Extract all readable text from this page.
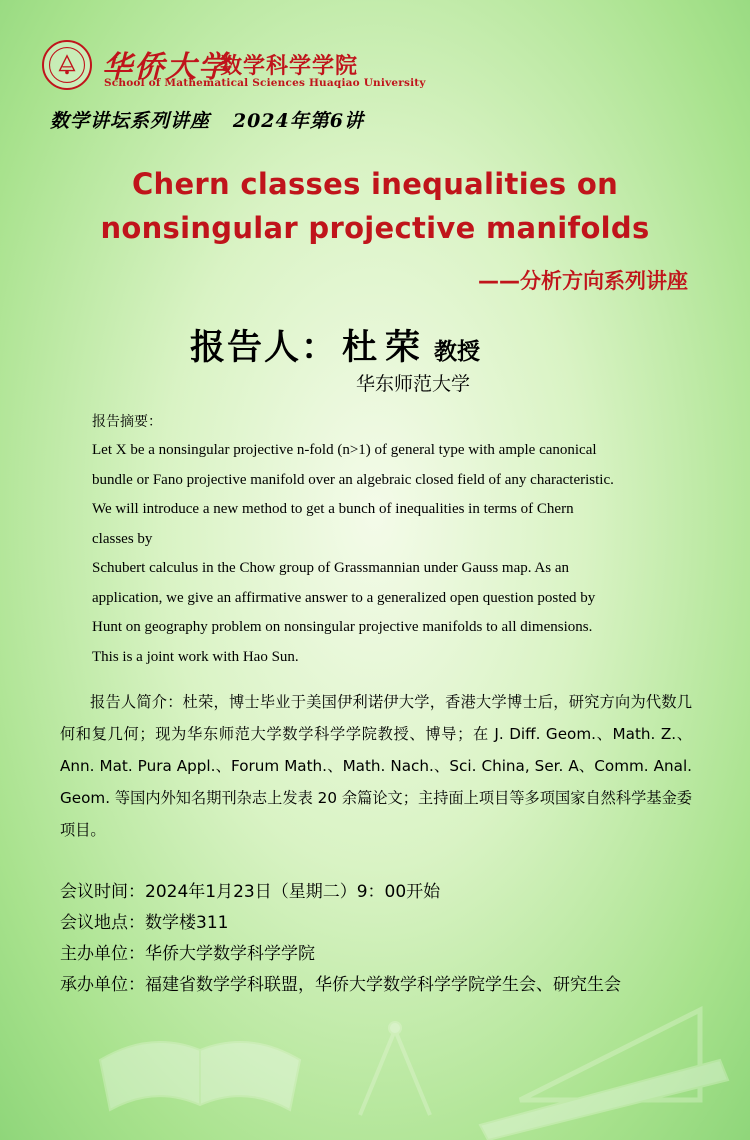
华侨大学
数学科学学院
School of Mathematical Sciences Huaqiao University
数学讲坛系列讲座   2024年第6讲
Chern classes inequalities on
nonsingular projective manifolds
——分析方向系列讲座
报告人： 杜荣 教授
华东师范大学
报告摘要：

Let X be a nonsingular projective n-fold (n>1) of general type with ample canonical

bundle or Fano projective manifold over an algebraic closed field of any characteristic.

We will introduce a new method to get a bunch of inequalities in terms of Chern

classes by

Schubert calculus in the Chow group of Grassmannian under Gauss map. As an

application, we give an affirmative answer to a generalized open question posted by

Hunt on geography problem on nonsingular projective manifolds to all dimensions.

This is a joint work with Hao Sun.

报告人简介：杜荣，博士毕业于美国伊利诺伊大学，香港大学博士后，研究方向为代数几何和复几何；现为华东师范大学数学科学学院教授、博导；在 J. Diff. Geom.、Math. Z.、Ann. Mat. Pura Appl.、Forum Math.、Math. Nach.、Sci. China, Ser. A、Comm. Anal. Geom. 等国内外知名期刊杂志上发表 20 余篇论文；主持面上项目等多项国家自然科学基金委项目。
会议时间：2024年1月23日（星期二）9：00开始
会议地点：数学楼311
主办单位：华侨大学数学科学学院
承办单位：福建省数学学科联盟，华侨大学数学科学学院学生会、研究生会
